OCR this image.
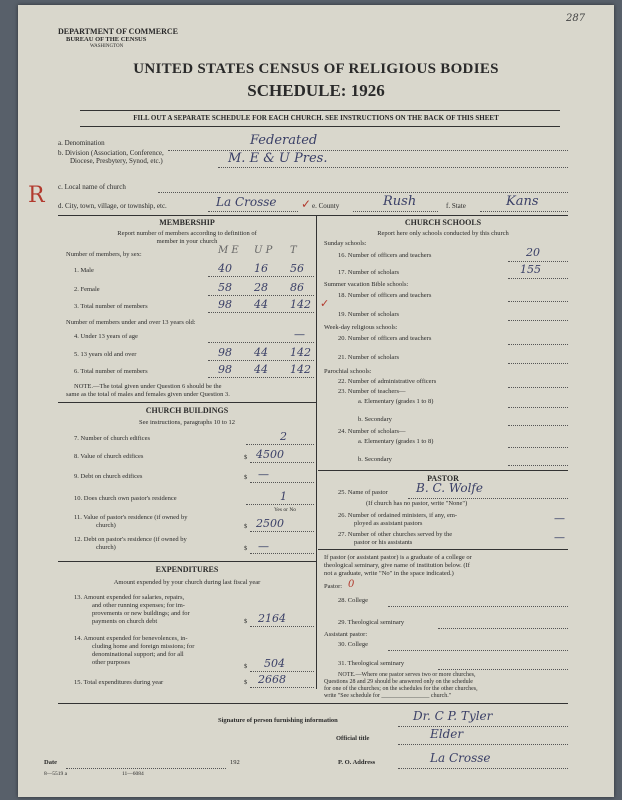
287
DEPARTMENT OF COMMERCE
BUREAU OF THE CENSUS
WASHINGTON
UNITED STATES CENSUS OF RELIGIOUS BODIES
SCHEDULE: 1926
FILL OUT A SEPARATE SCHEDULE FOR EACH CHURCH. SEE INSTRUCTIONS ON THE BACK OF THIS SHEET
a. Denomination	Federated
b. Division (Association, Conference,
Diocese, Presbytery, Synod, etc.)	M. E & U Pres.
R c. Local name of church
d. City, town, village, or township, etc.	La Crosse ✓ e. County	Rush	f. State	Kans
MEMBERSHIP
Report number of members according to definition of
member in your church
M E U P T
Number of members, by sex:
1. Male	40 16 56
2. Female	58 28 86
3. Total number of members	98 44 142 ✓
Number of members under and over 13 years old:
4. Under 13 years of age	—
5. 13 years old and over	98 44 142
6. Total number of members	98 44 142
NOTE.—The total given under Question 6 should be the
same as the total of males and females given under Question 3.
CHURCH BUILDINGS
See instructions, paragraphs 10 to 12
7. Number of church edifices	2
8. Value of church edifices	$ 4500
9. Debt on church edifices	$ —
10. Does church own pastor's residence	1
Yes or No
11. Value of pastor's residence (if owned by
church)	$ 2500
12. Debt on pastor's residence (if owned by
church)	$ —
EXPENDITURES
Amount expended by your church during last fiscal year
13. Amount expended for salaries, repairs,
and other running expenses; for im-
provements or new buildings; and for
payments on church debt	$ 2164
14. Amount expended for benevolences, in-
cluding home and foreign missions; for
denominational support; and for all
other purposes
$ 504
15. Total expenditures during year	$ 2668
CHURCH SCHOOLS
Report here only schools conducted by this church
Sunday schools:
16. Number of officers and teachers	20
17. Number of scholars	155
Summer vacation Bible schools:
18. Number of officers and teachers
19. Number of scholars
Week-day religious schools:
20. Number of officers and teachers
21. Number of scholars
Parochial schools:
22. Number of administrative officers
23. Number of teachers—
a. Elementary (grades 1 to 8)
b. Secondary
24. Number of scholars—
a. Elementary (grades 1 to 8)
b. Secondary
PASTOR
25. Name of pastor B. C. Wolfe
(If church has no pastor, write "None")
26. Number of ordained ministers, if any, em-
ployed as assistant pastors	—
27. Number of other churches served by the
pastor or his assistants	—
If pastor (or assistant pastor) is a graduate of a college or
theological seminary, give name of institution below. (If
not a graduate, write "No" in the space indicated.)
Pastor: 0
28. College
29. Theological seminary
Assistant pastor:
30. College
31. Theological seminary
NOTE.—Where one pastor serves two or more churches,
Questions 28 and 29 should be answered only on the schedule
for one of the churches; on the schedules for the other churches,
write "See schedule for ________________ church."
Signature of person furnishing information	Dr. C P. Tyler
Official title	Elder
Date	192	P. O. Address	La Crosse
8—5519 a	11—6084
